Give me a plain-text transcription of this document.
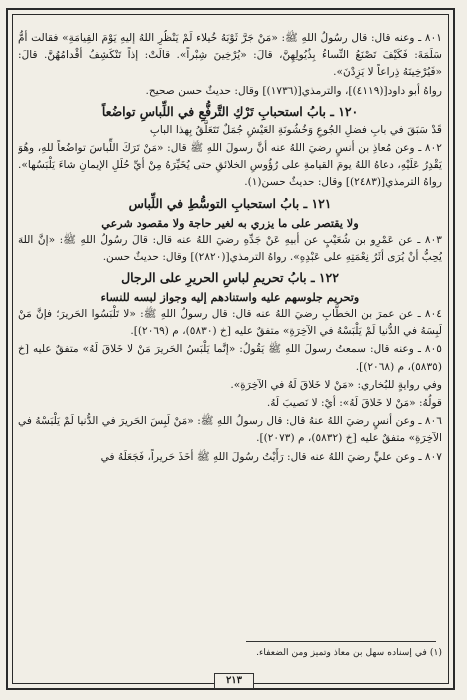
٨٠١ ـ وعنه قال: قال رسُولُ اللهِ ﷺ: «مَنْ جَرَّ ثَوْبَهُ خُيلاء لَمْ يَنْظُرِ اللهُ إليهِ يَوْمَ القِيامَةِ» فقالت أمُّ سَلَمَةَ: فَكَيْفَ تَصْنَعُ النِّساءُ بِذُيُولِهِنَّ، قالَ: «يُرْخِينَ شِبْراً». قالَتْ: إذاً تَنْكَشِفُ أقْدامُهُنَّ. قالَ: «فَيُرْخِينَهُ ذِراعاً لا يَزِدْنَ».
رواهُ أبو داود[(٤١١٩)]، والترمذي[(١٧٣٦)] وقال: حديثٌ حسن صحيح.
١٢٠ ـ بابُ استحبابِ تَرْكِ التَّرفُّعِ في اللِّباسِ تواضُعاً
قَدْ سَبَقَ في بابِ فضلِ الجُوعِ وَخُشُونَةِ العَيْشِ جُمَلٌ تَتَعَلَّقُ بِهذا البابِ
٨٠٢ ـ وعن مُعاذِ بن أنسٍ رضيَ اللهُ عنه أنَّ رسولَ اللهِ ﷺ قال: «مَنْ تَرَكَ اللِّباسَ تواضُعاً للهِ، وهُوَ يَقْدِرُ عَلَيْهِ، دعاهُ اللهُ يومَ القيامةِ على رُؤُوسِ الخلائقِ حتى يُخَيِّرَهُ مِنْ أيِّ حُلَلِ الإيمانِ شاءَ يَلْبَسُها». رواهُ الترمذي[(٢٤٨٣)] وقال: حديثٌ حسن(١).
١٢١ ـ بابُ استحبابِ التوسُّطِ في اللِّباس
ولا يقتصر على ما يزري به لغير حاجة ولا مقصود شرعي
٨٠٣ ـ عن عَمْرِو بن شُعَيْبٍ عن أبيهِ عَنْ جَدِّهِ رضيَ اللهُ عنه قال: قالَ رسُولُ اللهِ ﷺ: «إنَّ اللهَ يُحِبُّ أنْ يُرَى أثَرُ نِعْمَتِهِ على عَبْدِهِ». رواهُ الترمذي[(٢٨٢٠)] وقال: حديثٌ حسن.
١٢٢ ـ بابُ تحريمِ لباسِ الحريرِ على الرجال
وتحريم جلوسهم عليه واستنادهم إليه وجواز لبسه للنساء
٨٠٤ ـ عن عمرَ بن الخطَّابِ رضيَ اللهُ عنه قال: قال رسولُ اللهِ ﷺ: «لا تَلْبَسُوا الحَريرَ؛ فإنَّ مَنْ لَبِسَهُ في الدُّنيا لَمْ يَلْبَسْهُ في الآخِرَةِ» متفقٌ عليه [خ (٥٨٣٠)، م (٢٠٦٩)].
٨٠٥ ـ وعنه قال: سمعتُ رسولَ اللهِ ﷺ يَقُولُ: «إنَّما يَلْبَسُ الحَريرَ مَنْ لا خَلاقَ لَهُ» متفقٌ عليه [خ (٥٨٣٥)، م (٢٠٦٨)].
وفي روايةٍ للبُخاري: «مَنْ لا خَلاقَ لَهُ في الآخِرَةِ».
قولُهُ: «مَنْ لا خَلاقَ لَهُ»: أيْ: لا نَصيبَ لَهُ.
٨٠٦ ـ وعن أنسٍ رضيَ اللهُ عنهُ قال: قال رسولُ اللهِ ﷺ: «مَنْ لَبِسَ الحَريرَ في الدُّنيا لَمْ يَلْبَسْهُ في الآخِرَةِ» متفقٌ عليه [خ (٥٨٣٢)، م (٢٠٧٣)].
٨٠٧ ـ وعن عليٍّ رضيَ اللهُ عنه قال: رَأَيْتُ رسُولَ اللهِ ﷺ أخَذَ حَريراً، فَجَعَلَهُ في
(١) في إسناده سهل بن معاذ وتميز ومن الضعفاء.
٢١٣
